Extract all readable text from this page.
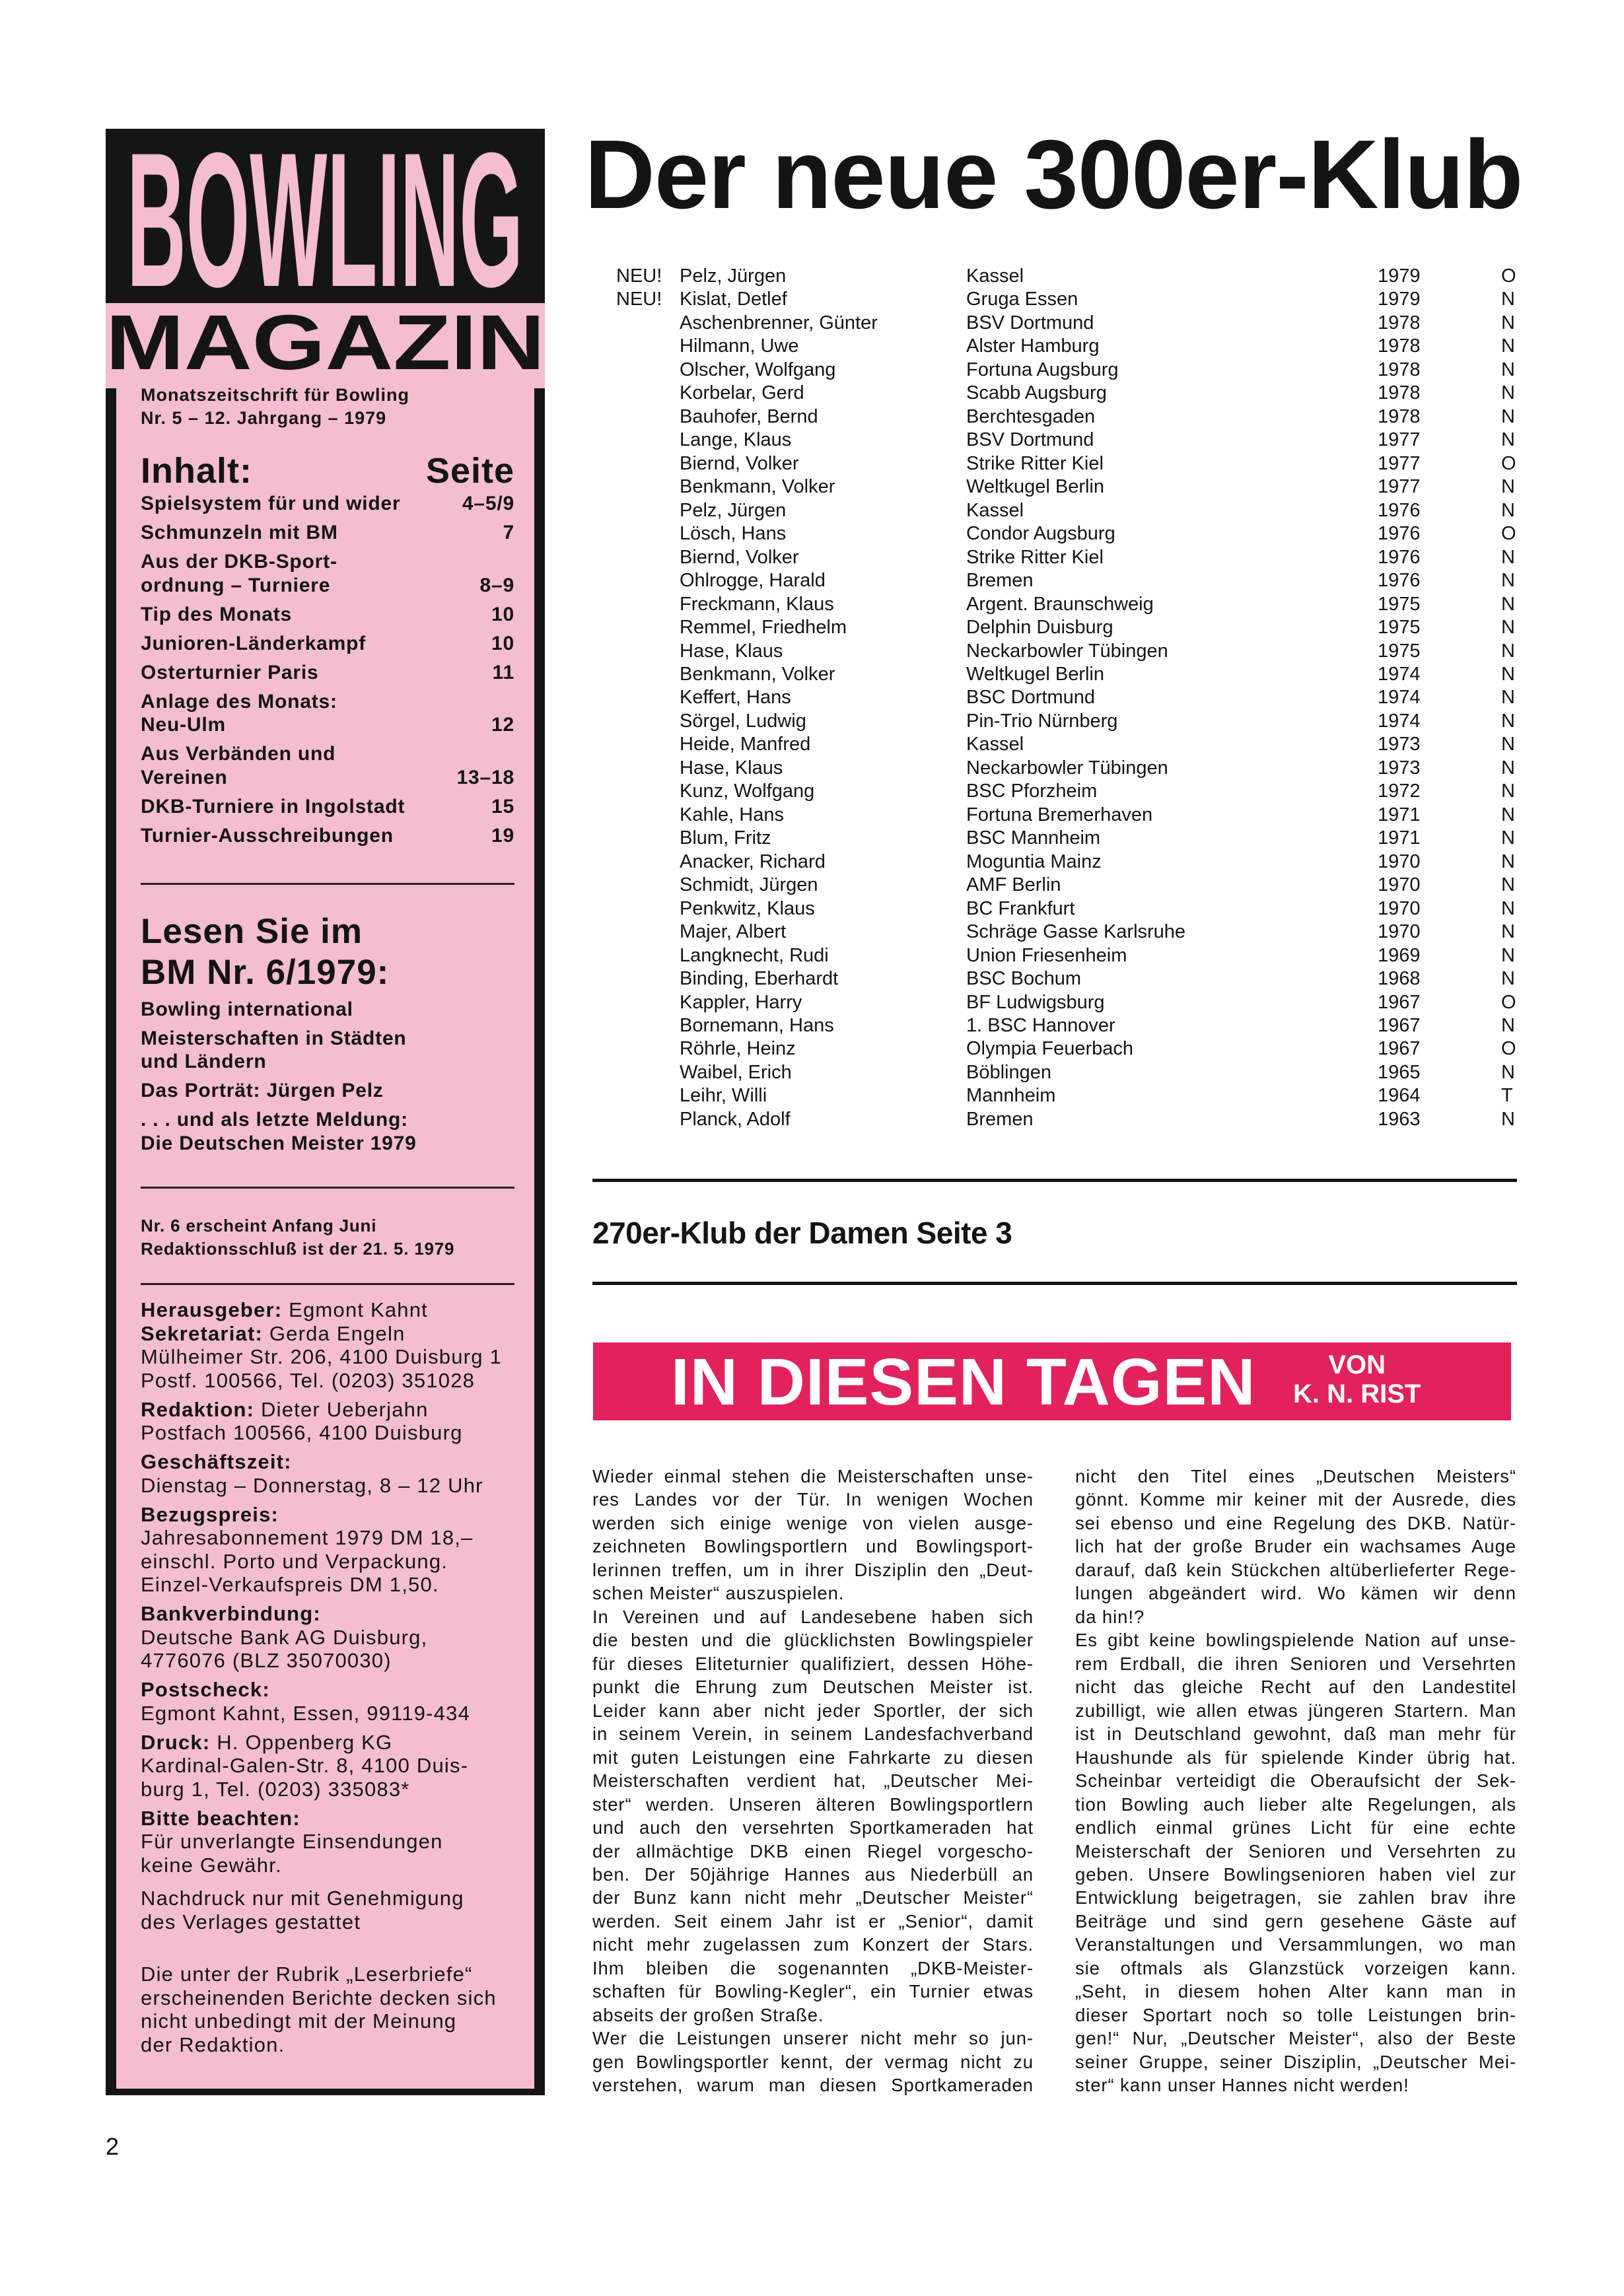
BOWLING
MAGAZIN
Monatszeitschrift für Bowling
Nr. 5 – 12. Jahrgang – 1979
Inhalt:	Seite
Spielsystem für und wider	4–5/9
Schmunzeln mit BM	7
Aus der DKB-Sport-
ordnung – Turniere	8–9
Tip des Monats	10
Junioren-Länderkampf	10
Osterturnier Paris	11
Anlage des Monats:
Neu-Ulm	12
Aus Verbänden und
Vereinen	13–18
DKB-Turniere in Ingolstadt	15
Turnier-Ausschreibungen	19
Lesen Sie im
BM Nr. 6/1979:
Bowling international
Meisterschaften in Städten
und Ländern
Das Porträt: Jürgen Pelz
. . . und als letzte Meldung:
Die Deutschen Meister 1979
Nr. 6 erscheint Anfang Juni
Redaktionsschluß ist der 21. 5. 1979
Herausgeber: Egmont Kahnt
Sekretariat: Gerda Engeln
Mülheimer Str. 206, 4100 Duisburg 1
Postf. 100566, Tel. (0203) 351028
Redaktion: Dieter Ueberjahn
Postfach 100566, 4100 Duisburg
Geschäftszeit:
Dienstag – Donnerstag, 8 – 12 Uhr
Bezugspreis:
Jahresabonnement 1979 DM 18,–
einschl. Porto und Verpackung.
Einzel-Verkaufspreis DM 1,50.
Bankverbindung:
Deutsche Bank AG Duisburg,
4776076 (BLZ 35070030)
Postscheck:
Egmont Kahnt, Essen, 99119-434
Druck: H. Oppenberg KG
Kardinal-Galen-Str. 8, 4100 Duis-
burg 1, Tel. (0203) 335083*
Bitte beachten:
Für unverlangte Einsendungen
keine Gewähr.
Nachdruck nur mit Genehmigung
des Verlages gestattet
Die unter der Rubrik „Leserbriefe“
erscheinenden Berichte decken sich
nicht unbedingt mit der Meinung
der Redaktion.
Der neue 300er-Klub
NEU! Pelz, Jürgen	Kassel	1979	O
NEU! Kislat, Detlef	Gruga Essen	1979	N
Aschenbrenner, Günter	BSV Dortmund	1978	N
Hilmann, Uwe	Alster Hamburg	1978	N
Olscher, Wolfgang	Fortuna Augsburg	1978	N
Korbelar, Gerd	Scabb Augsburg	1978	N
Bauhofer, Bernd	Berchtesgaden	1978	N
Lange, Klaus	BSV Dortmund	1977	N
Biernd, Volker	Strike Ritter Kiel	1977	O
Benkmann, Volker	Weltkugel Berlin	1977	N
Pelz, Jürgen	Kassel	1976	N
Lösch, Hans	Condor Augsburg	1976	O
Biernd, Volker	Strike Ritter Kiel	1976	N
Ohlrogge, Harald	Bremen	1976	N
Freckmann, Klaus	Argent. Braunschweig	1975	N
Remmel, Friedhelm	Delphin Duisburg	1975	N
Hase, Klaus	Neckarbowler Tübingen	1975	N
Benkmann, Volker	Weltkugel Berlin	1974	N
Keffert, Hans	BSC Dortmund	1974	N
Sörgel, Ludwig	Pin-Trio Nürnberg	1974	N
Heide, Manfred	Kassel	1973	N
Hase, Klaus	Neckarbowler Tübingen	1973	N
Kunz, Wolfgang	BSC Pforzheim	1972	N
Kahle, Hans	Fortuna Bremerhaven	1971	N
Blum, Fritz	BSC Mannheim	1971	N
Anacker, Richard	Moguntia Mainz	1970	N
Schmidt, Jürgen	AMF Berlin	1970	N
Penkwitz, Klaus	BC Frankfurt	1970	N
Majer, Albert	Schräge Gasse Karlsruhe	1970	N
Langknecht, Rudi	Union Friesenheim	1969	N
Binding, Eberhardt	BSC Bochum	1968	N
Kappler, Harry	BF Ludwigsburg	1967	O
Bornemann, Hans	1. BSC Hannover	1967	N
Röhrle, Heinz	Olympia Feuerbach	1967	O
Waibel, Erich	Böblingen	1965	N
Leihr, Willi	Mannheim	1964	T
Planck, Adolf	Bremen	1963	N
270er-Klub der Damen Seite 3
IN DIESEN TAGEN	VON
K. N. RIST
Wieder einmal stehen die Meisterschaften unse-
res Landes vor der Tür. In wenigen Wochen
werden sich einige wenige von vielen ausge-
zeichneten Bowlingsportlern und Bowlingsport-
lerinnen treffen, um in ihrer Disziplin den „Deut-
schen Meister“ auszuspielen.
In Vereinen und auf Landesebene haben sich
die besten und die glücklichsten Bowlingspieler
für dieses Eliteturnier qualifiziert, dessen Höhe-
punkt die Ehrung zum Deutschen Meister ist.
Leider kann aber nicht jeder Sportler, der sich
in seinem Verein, in seinem Landesfachverband
mit guten Leistungen eine Fahrkarte zu diesen
Meisterschaften verdient hat, „Deutscher Mei-
ster“ werden. Unseren älteren Bowlingsportlern
und auch den versehrten Sportkameraden hat
der allmächtige DKB einen Riegel vorgescho-
ben. Der 50jährige Hannes aus Niederbüll an
der Bunz kann nicht mehr „Deutscher Meister“
werden. Seit einem Jahr ist er „Senior“, damit
nicht mehr zugelassen zum Konzert der Stars.
Ihm bleiben die sogenannten „DKB-Meister-
schaften für Bowling-Kegler“, ein Turnier etwas
abseits der großen Straße.
Wer die Leistungen unserer nicht mehr so jun-
gen Bowlingsportler kennt, der vermag nicht zu
verstehen, warum man diesen Sportkameraden
nicht den Titel eines „Deutschen Meisters“
gönnt. Komme mir keiner mit der Ausrede, dies
sei ebenso und eine Regelung des DKB. Natür-
lich hat der große Bruder ein wachsames Auge
darauf, daß kein Stückchen altüberlieferter Rege-
lungen abgeändert wird. Wo kämen wir denn
da hin!?
Es gibt keine bowlingspielende Nation auf unse-
rem Erdball, die ihren Senioren und Versehrten
nicht das gleiche Recht auf den Landestitel
zubilligt, wie allen etwas jüngeren Startern. Man
ist in Deutschland gewohnt, daß man mehr für
Haushunde als für spielende Kinder übrig hat.
Scheinbar verteidigt die Oberaufsicht der Sek-
tion Bowling auch lieber alte Regelungen, als
endlich einmal grünes Licht für eine echte
Meisterschaft der Senioren und Versehrten zu
geben. Unsere Bowlingsenioren haben viel zur
Entwicklung beigetragen, sie zahlen brav ihre
Beiträge und sind gern gesehene Gäste auf
Veranstaltungen und Versammlungen, wo man
sie oftmals als Glanzstück vorzeigen kann.
„Seht, in diesem hohen Alter kann man in
dieser Sportart noch so tolle Leistungen brin-
gen!“ Nur, „Deutscher Meister“, also der Beste
seiner Gruppe, seiner Disziplin, „Deutscher Mei-
ster“ kann unser Hannes nicht werden!
2
